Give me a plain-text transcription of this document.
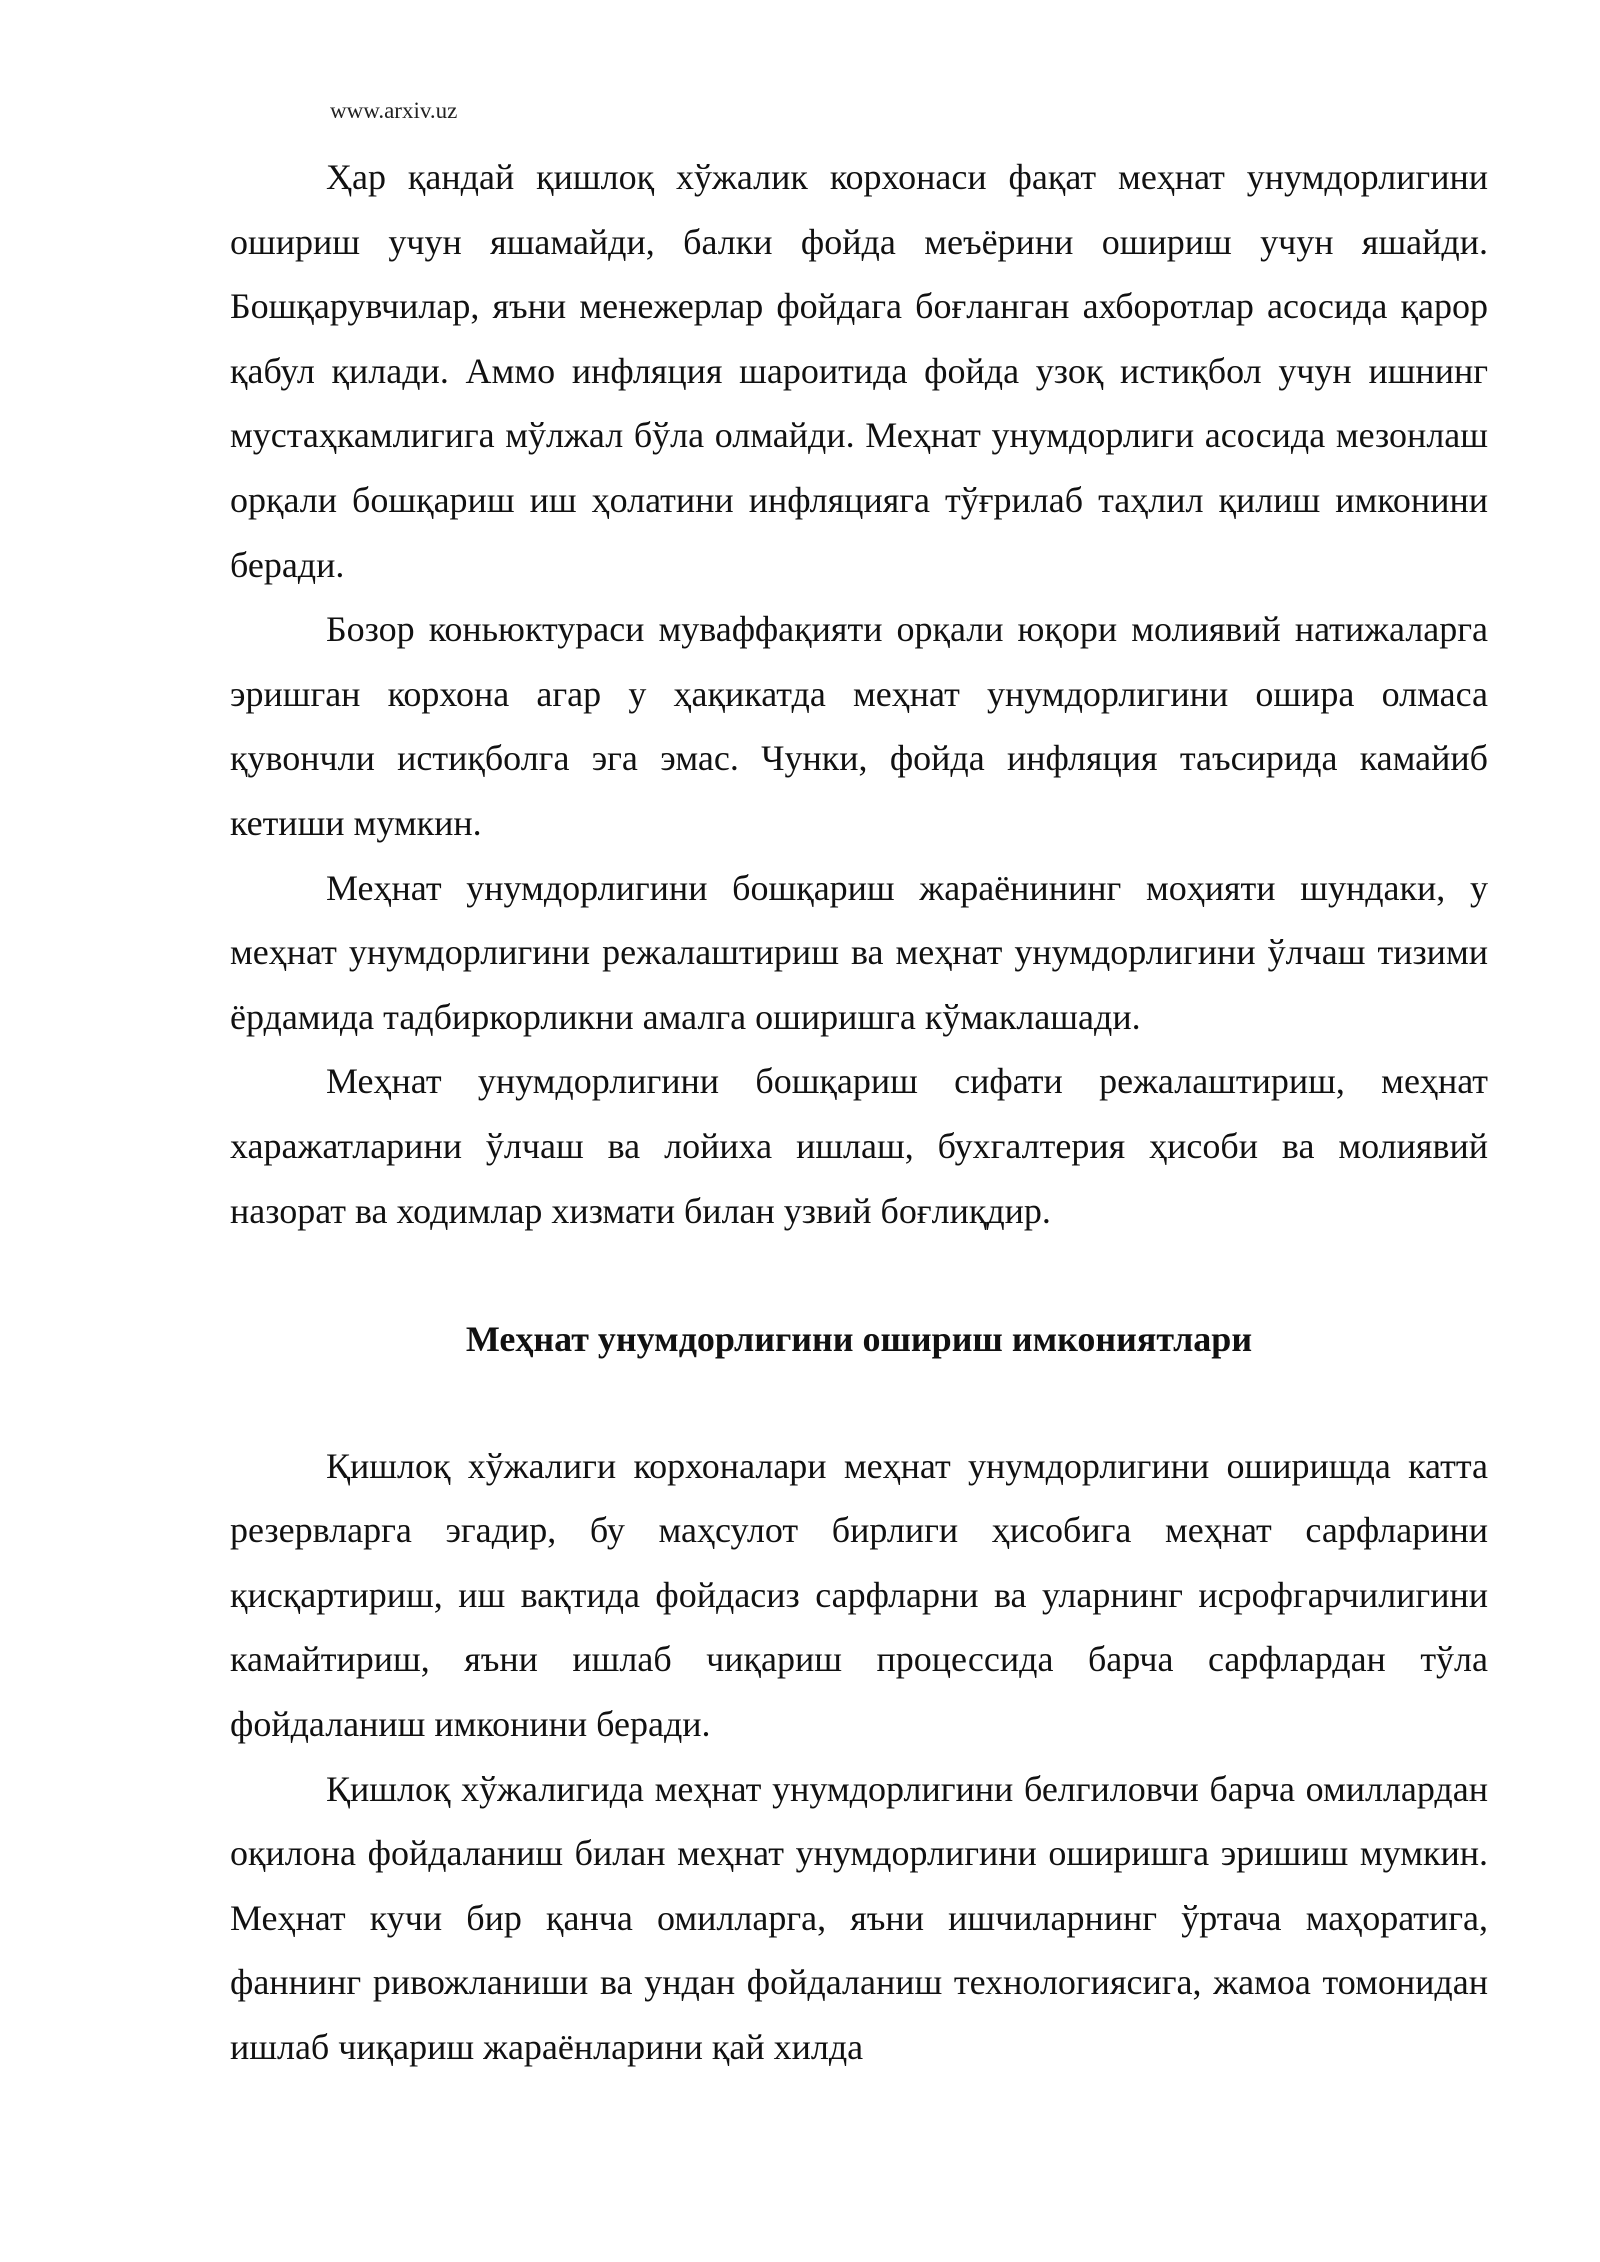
www.arxiv.uz

Ҳар қандай қишлоқ хўжалик корхонаси фақат меҳнат унумдорлигини ошириш учун яшамайди, балки фойда меъёрини ошириш учун яшайди. Бошқарувчилар, яъни менежерлар фойдага боғланган ахборотлар асосида қарор қабул қилади. Аммо инфляция шароитида фойда узоқ истиқбол учун ишнинг мустаҳкамлигига мўлжал бўла олмайди. Меҳнат унумдорлиги асосида мезонлаш орқали бошқариш иш ҳолатини инфляцияга тўғрилаб таҳлил қилиш имконини беради.

Бозор коньюктураси муваффақияти орқали юқори молиявий натижаларга эришган корхона агар у ҳақикатда меҳнат унумдорлигини ошира олмаса қувончли истиқболга эга эмас. Чунки, фойда инфляция таъсирида камайиб кетиши мумкин.

Меҳнат унумдорлигини бошқариш жараёнининг моҳияти шундаки, у меҳнат унумдорлигини режалаштириш ва меҳнат унумдорлигини ўлчаш тизими ёрдамида тадбиркорликни амалга оширишга кўмаклашади.

Меҳнат унумдорлигини бошқариш сифати режалаштириш, меҳнат харажатларини ўлчаш ва лойиха ишлаш, бухгалтерия ҳисоби ва молиявий назорат ва ходимлар хизмати билан узвий боғлиқдир.

Меҳнат унумдорлигини ошириш имкониятлари

Қишлоқ хўжалиги корхоналари меҳнат унумдорлигини оширишда катта резервларга эгадир, бу маҳсулот бирлиги ҳисобига меҳнат сарфларини қисқартириш, иш вақтида фойдасиз сарфларни ва уларнинг исрофгарчилигини камайтириш, яъни ишлаб чиқариш процессида барча сарфлардан тўла фойдаланиш имконини беради.

Қишлоқ хўжалигида меҳнат унумдорлигини белгиловчи барча омиллардан оқилона фойдаланиш билан меҳнат унумдорлигини оширишга эришиш мумкин. Меҳнат кучи бир қанча омилларга, яъни ишчиларнинг ўртача маҳоратига, фаннинг ривожланиши ва ундан фойдаланиш технологиясига, жамоа томонидан ишлаб чиқариш жараёнларини қай хилда
